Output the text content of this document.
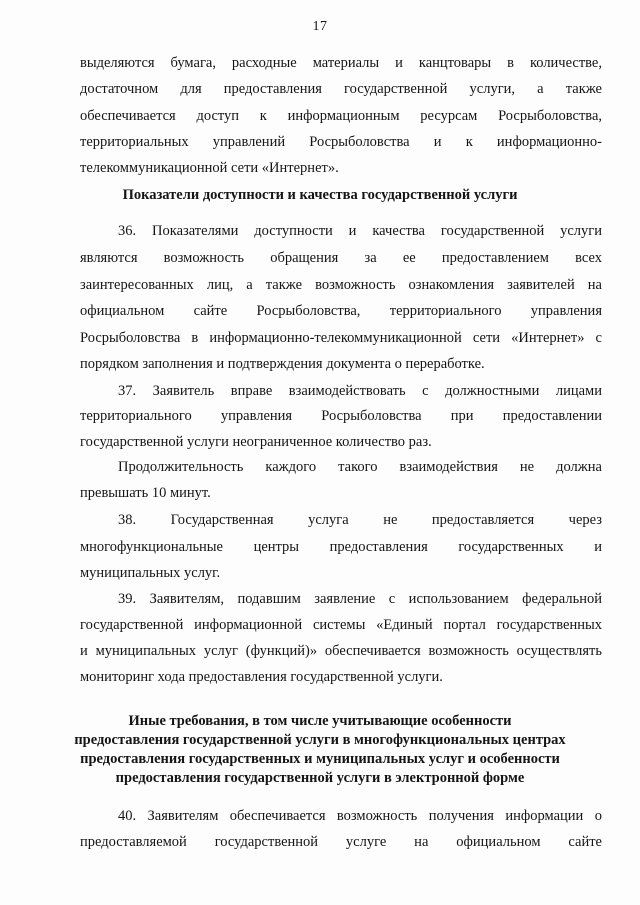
17
выделяются бумага, расходные материалы и канцтовары в количестве,
достаточном для предоставления государственной услуги, а также
обеспечивается доступ к информационным ресурсам Росрыболовства,
территориальных управлений Росрыболовства и к информационно-
телекоммуникационной сети «Интернет».
Показатели доступности и качества государственной услуги
36. Показателями доступности и качества государственной услуги
являются возможность обращения за ее предоставлением всех
заинтересованных лиц, а также возможность ознакомления заявителей на
официальном сайте Росрыболовства, территориального управления
Росрыболовства в информационно-телекоммуникационной сети «Интернет» с
порядком заполнения и подтверждения документа о переработке.
37. Заявитель вправе взаимодействовать с должностными лицами
территориального управления Росрыболовства при предоставлении
государственной услуги неограниченное количество раз.
Продолжительность каждого такого взаимодействия не должна
превышать 10 минут.
38. Государственная услуга не предоставляется через
многофункциональные центры предоставления государственных и
муниципальных услуг.
39. Заявителям, подавшим заявление с использованием федеральной
государственной информационной системы «Единый портал государственных
и муниципальных услуг (функций)» обеспечивается возможность осуществлять
мониторинг хода предоставления государственной услуги.
Иные требования, в том числе учитывающие особенности
предоставления государственной услуги в многофункциональных центрах
предоставления государственных и муниципальных услуг и особенности
предоставления государственной услуги в электронной форме
40. Заявителям обеспечивается возможность получения информации о
предоставляемой государственной услуге на официальном сайте
